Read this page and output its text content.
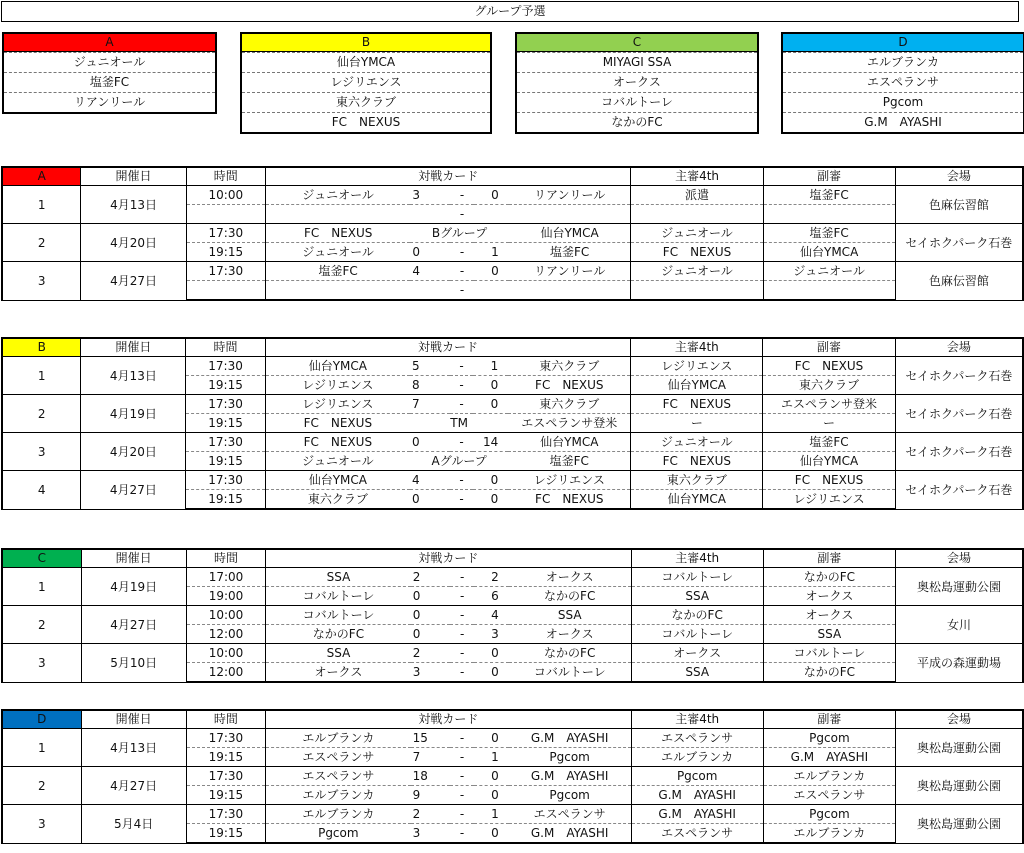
グループ予選
A
ジュニオール
塩釜FC
リアンリール
B
仙台YMCA
レジリエンス
東六クラブ
FC　NEXUS
C
MIYAGI SSA
オークス
コバルトーレ
なかのFC
D
エルブランカ
エスペランサ
Pgcom
G.M　AYASHI
A	開催日	時間	対戦カード					主審4th	副審	会場
1	4月13日	10:00	ジュニオール	3	-	0	リアンリール	派遣	塩釜FC	色麻伝習館
					-					
2	4月20日	17:30	FC　NEXUS	Bグループ			仙台YMCA	ジュニオール	塩釜FC	セイホクパーク石巻
		19:15	ジュニオール	0	-	1	塩釜FC	FC　NEXUS	仙台YMCA	
3	4月27日	17:30	塩釜FC	4	-	0	リアンリール	ジュニオール	ジュニオール	色麻伝習館
					-					
B	開催日	時間	対戦カード					主審4th	副審	会場
1	4月13日	17:30	仙台YMCA	5	-	1	東六クラブ	レジリエンス	FC　NEXUS	セイホクパーク石巻
		19:15	レジリエンス	8	-	0	FC　NEXUS	仙台YMCA	東六クラブ	
2	4月19日	17:30	レジリエンス	7	-	0	東六クラブ	FC　NEXUS	エスペランサ登米	セイホクパーク石巻
		19:15	FC　NEXUS	TM			エスペランサ登米	ー	ー	
3	4月20日	17:30	FC　NEXUS	0	-	14	仙台YMCA	ジュニオール	塩釜FC	セイホクパーク石巻
		19:15	ジュニオール	Aグループ			塩釜FC	FC　NEXUS	仙台YMCA	
4	4月27日	17:30	仙台YMCA	4	-	0	レジリエンス	東六クラブ	FC　NEXUS	セイホクパーク石巻
		19:15	東六クラブ	0	-	0	FC　NEXUS	仙台YMCA	レジリエンス	
C	開催日	時間	対戦カード					主審4th	副審	会場
1	4月19日	17:00	SSA	2	-	2	オークス	コバルトーレ	なかのFC	奥松島運動公園
		19:00	コバルトーレ	0	-	6	なかのFC	SSA	オークス	
2	4月27日	10:00	コバルトーレ	0	-	4	SSA	なかのFC	オークス	女川
		12:00	なかのFC	0	-	3	オークス	コバルトーレ	SSA	
3	5月10日	10:00	SSA	2	-	0	なかのFC	オークス	コバルトーレ	平成の森運動場
		12:00	オークス	3	-	0	コバルトーレ	SSA	なかのFC	
D	開催日	時間	対戦カード					主審4th	副審	会場
1	4月13日	17:30	エルブランカ	15	-	0	G.M　AYASHI	エスペランサ	Pgcom	奥松島運動公園
		19:15	エスペランサ	7	-	1	Pgcom	エルブランカ	G.M　AYASHI	
2	4月27日	17:30	エスペランサ	18	-	0	G.M　AYASHI	Pgcom	エルブランカ	奥松島運動公園
		19:15	エルブランカ	9	-	0	Pgcom	G.M　AYASHI	エスペランサ	
3	5月4日	17:30	エルブランカ	2	-	1	エスペランサ	G.M　AYASHI	Pgcom	奥松島運動公園
		19:15	Pgcom	3	-	0	G.M　AYASHI	エスペランサ	エルブランカ	
